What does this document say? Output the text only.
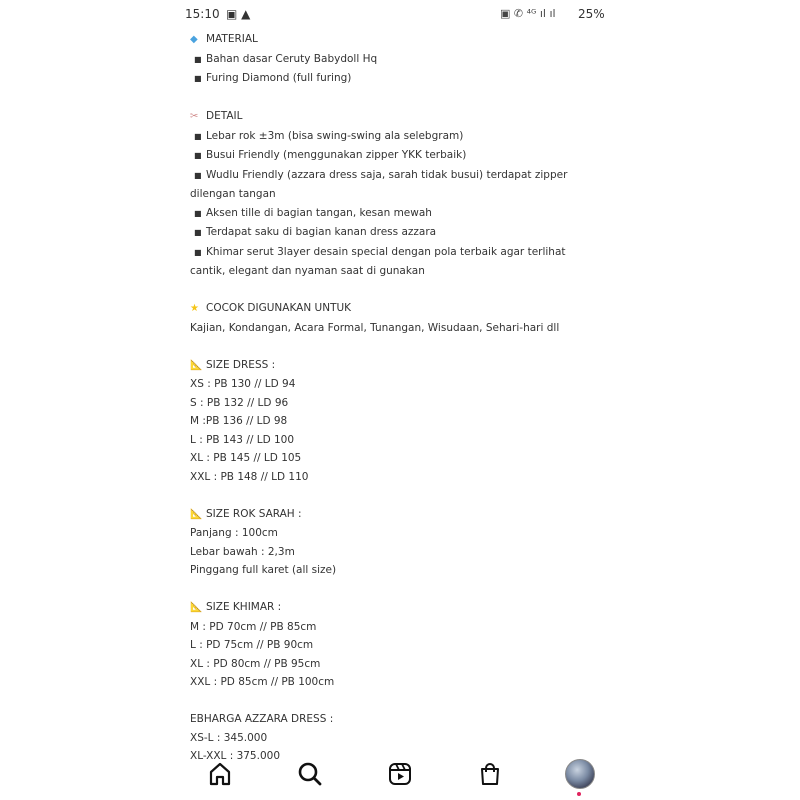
15:10 ▣ ▲	▣ ✆ ⁴ᴳ ıl ıl 25%
◆ MATERIAL
■ Bahan dasar Ceruty Babydoll Hq
■ Furing Diamond (full furing)
✂ DETAIL
■ Lebar rok ±3m (bisa swing-swing ala selebgram)
■ Busui Friendly (menggunakan zipper YKK terbaik)
■ Wudlu Friendly (azzara dress saja, sarah tidak busui) terdapat zipper
dilengan tangan
■ Aksen tille di bagian tangan, kesan mewah
■ Terdapat saku di bagian kanan dress azzara
■ Khimar serut 3layer desain special dengan pola terbaik agar terlihat
cantik, elegant dan nyaman saat di gunakan
★ COCOK DIGUNAKAN UNTUK
Kajian, Kondangan, Acara Formal, Tunangan, Wisudaan, Sehari-hari dll
📐 SIZE DRESS :
XS : PB 130 // LD 94
S : PB 132 // LD 96
M :PB 136 // LD 98
L : PB 143 // LD 100
XL : PB 145 // LD 105
XXL : PB 148 // LD 110
📐 SIZE ROK SARAH :
Panjang : 100cm
Lebar bawah : 2,3m
Pinggang full karet (all size)
📐 SIZE KHIMAR :
M : PD 70cm // PB 85cm
L : PD 75cm // PB 90cm
XL : PD 80cm // PB 95cm
XXL : PD 85cm // PB 100cm
EBHARGA AZZARA DRESS :
XS-L : 345.000
XL-XXL : 375.000
